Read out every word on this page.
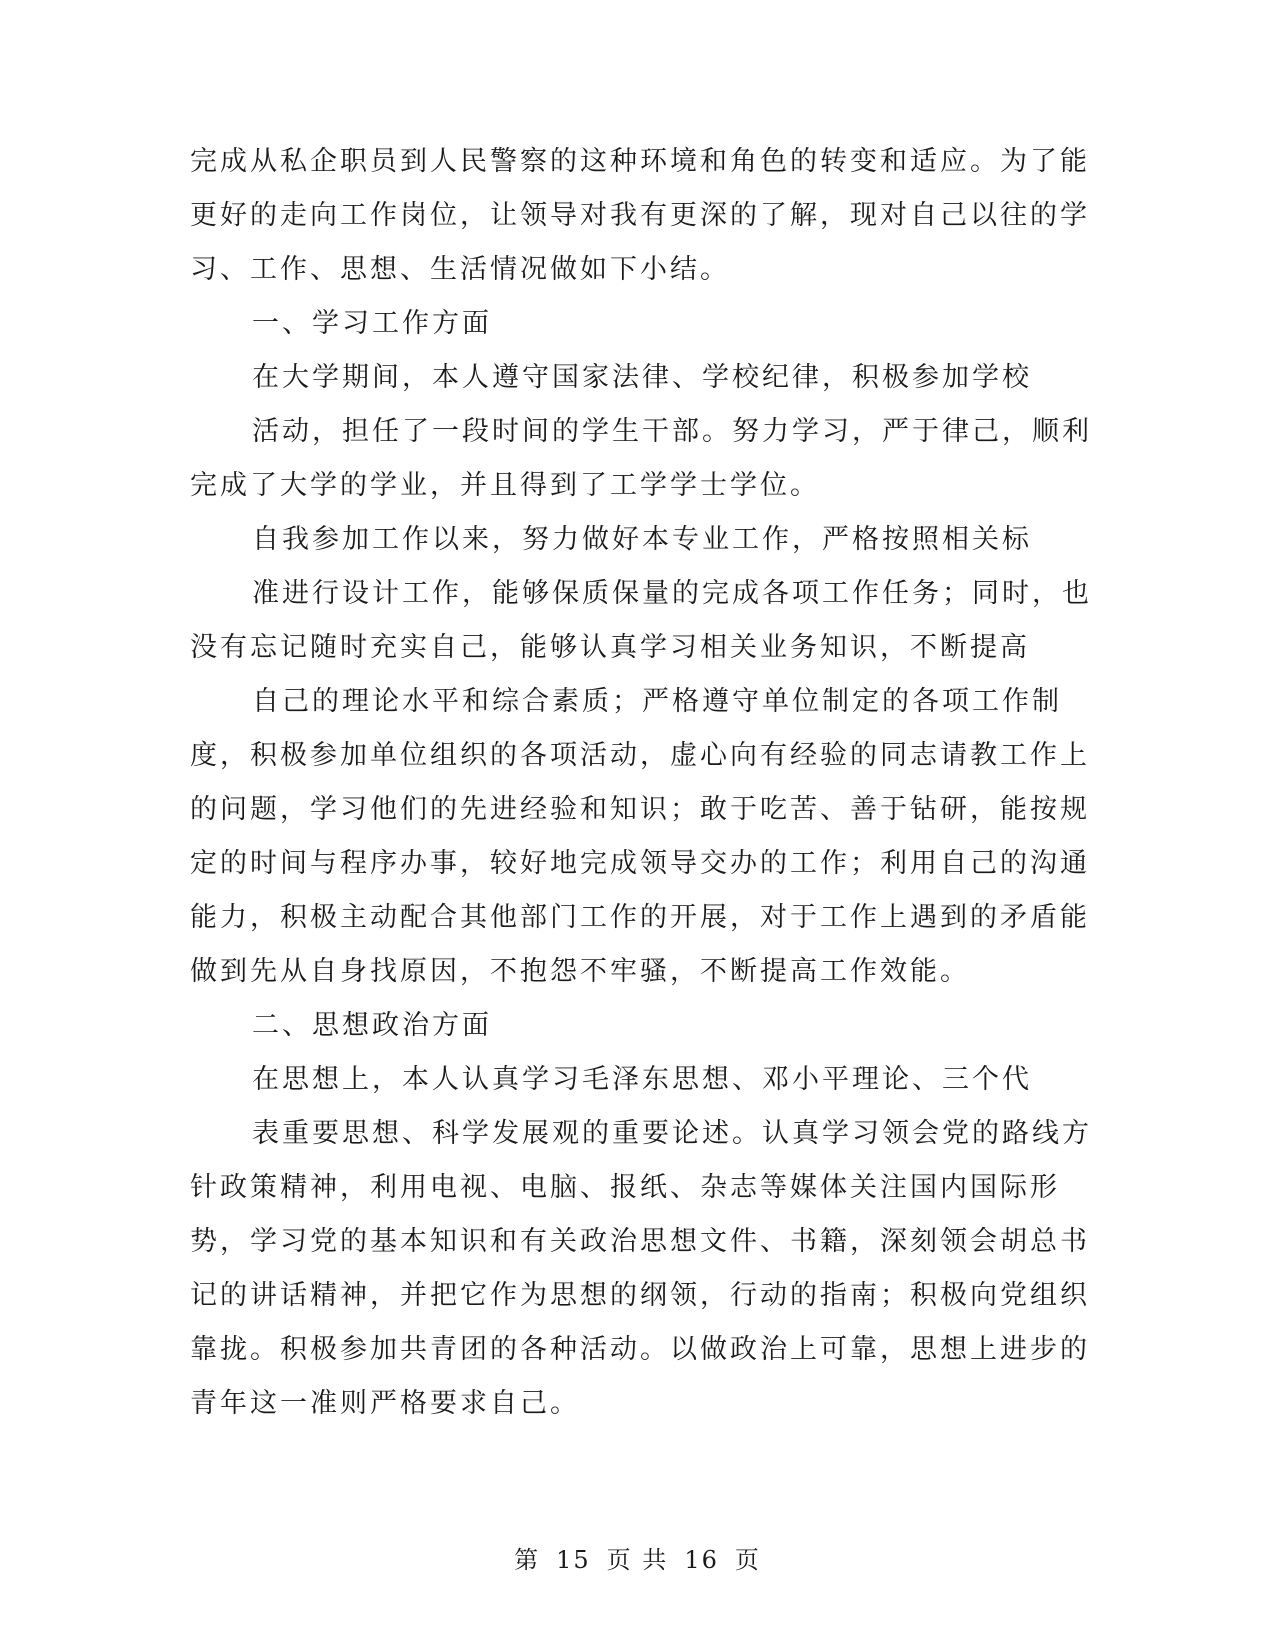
完成从私企职员到人民警察的这种环境和角色的转变和适应。为了能
更好的走向工作岗位，让领导对我有更深的了解，现对自己以往的学
习、工作、思想、生活情况做如下小结。
一、学习工作方面
在大学期间，本人遵守国家法律、学校纪律，积极参加学校
活动，担任了一段时间的学生干部。努力学习，严于律己，顺利
完成了大学的学业，并且得到了工学学士学位。
自我参加工作以来，努力做好本专业工作，严格按照相关标
准进行设计工作，能够保质保量的完成各项工作任务；同时，也
没有忘记随时充实自己，能够认真学习相关业务知识，不断提高
自己的理论水平和综合素质；严格遵守单位制定的各项工作制
度，积极参加单位组织的各项活动，虚心向有经验的同志请教工作上
的问题，学习他们的先进经验和知识；敢于吃苦、善于钻研，能按规
定的时间与程序办事，较好地完成领导交办的工作；利用自己的沟通
能力，积极主动配合其他部门工作的开展，对于工作上遇到的矛盾能
做到先从自身找原因，不抱怨不牢骚，不断提高工作效能。
二、思想政治方面
在思想上，本人认真学习毛泽东思想、邓小平理论、三个代
表重要思想、科学发展观的重要论述。认真学习领会党的路线方
针政策精神，利用电视、电脑、报纸、杂志等媒体关注国内国际形
势，学习党的基本知识和有关政治思想文件、书籍，深刻领会胡总书
记的讲话精神，并把它作为思想的纲领，行动的指南；积极向党组织
靠拢。积极参加共青团的各种活动。以做政治上可靠，思想上进步的
青年这一准则严格要求自己。
第 15 页 共 16 页
